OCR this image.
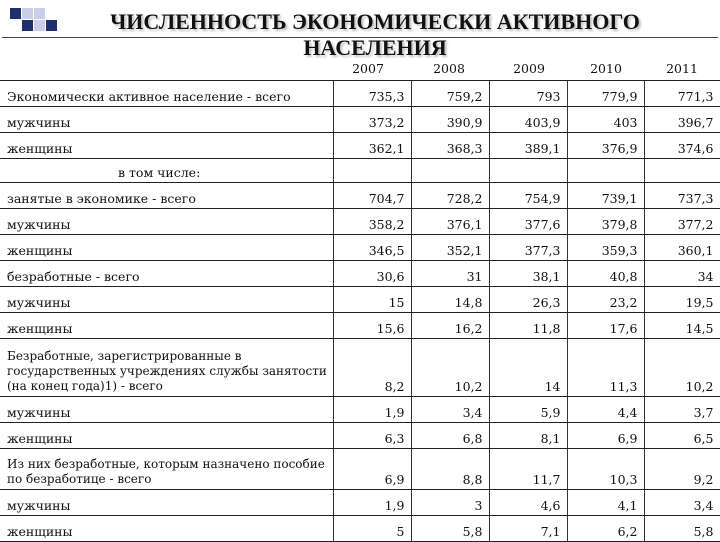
ЧИСЛЕННОСТЬ ЭКОНОМИЧЕСКИ АКТИВНОГО НАСЕЛЕНИЯ
2007	2008	2009	2010	2011
Экономически активное население - всего	735,3	759,2	793	779,9	771,3
мужчины	373,2	390,9	403,9	403	396,7
женщины	362,1	368,3	389,1	376,9	374,6
в том числе:					
занятые в экономике - всего	704,7	728,2	754,9	739,1	737,3
мужчины	358,2	376,1	377,6	379,8	377,2
женщины	346,5	352,1	377,3	359,3	360,1
безработные - всего	30,6	31	38,1	40,8	34
мужчины	15	14,8	26,3	23,2	19,5
женщины	15,6	16,2	11,8	17,6	14,5
Безработные, зарегистрированные в государственных учреждениях службы занятости (на конец года)1) - всего	8,2	10,2	14	11,3	10,2
мужчины	1,9	3,4	5,9	4,4	3,7
женщины	6,3	6,8	8,1	6,9	6,5
Из них безработные, которым назначено пособие по безработице - всего	6,9	8,8	11,7	10,3	9,2
мужчины	1,9	3	4,6	4,1	3,4
женщины	5	5,8	7,1	6,2	5,8
